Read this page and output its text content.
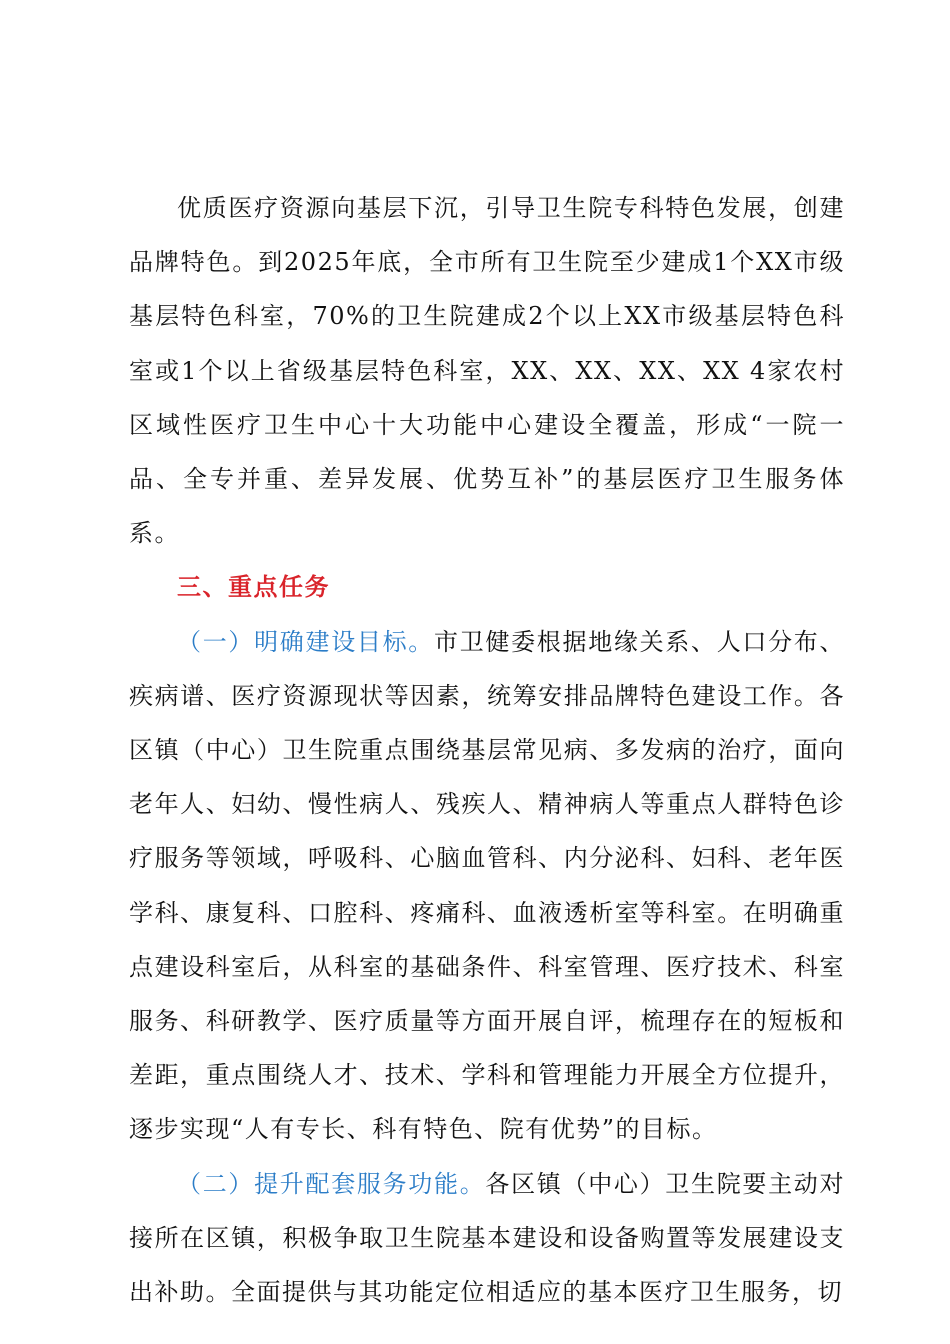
优质医疗资源向基层下沉，引导卫生院专科特色发展，创建品牌特色。到2025年底，全市所有卫生院至少建成1个XX市级基层特色科室，70%的卫生院建成2个以上XX市级基层特色科室或1个以上省级基层特色科室，XX、XX、XX、XX 4家农村区域性医疗卫生中心十大功能中心建设全覆盖，形成“一院一品、全专并重、差异发展、优势互补”的基层医疗卫生服务体系。

三、重点任务

（一）明确建设目标。市卫健委根据地缘关系、人口分布、疾病谱、医疗资源现状等因素，统筹安排品牌特色建设工作。各区镇（中心）卫生院重点围绕基层常见病、多发病的治疗，面向老年人、妇幼、慢性病人、残疾人、精神病人等重点人群特色诊疗服务等领域，呼吸科、心脑血管科、内分泌科、妇科、老年医学科、康复科、口腔科、疼痛科、血液透析室等科室。在明确重点建设科室后，从科室的基础条件、科室管理、医疗技术、科室服务、科研教学、医疗质量等方面开展自评，梳理存在的短板和差距，重点围绕人才、技术、学科和管理能力开展全方位提升，逐步实现“人有专长、科有特色、院有优势”的目标。

（二）提升配套服务功能。各区镇（中心）卫生院要主动对接所在区镇，积极争取卫生院基本建设和设备购置等发展建设支出补助。全面提供与其功能定位相适应的基本医疗卫生服务，切
